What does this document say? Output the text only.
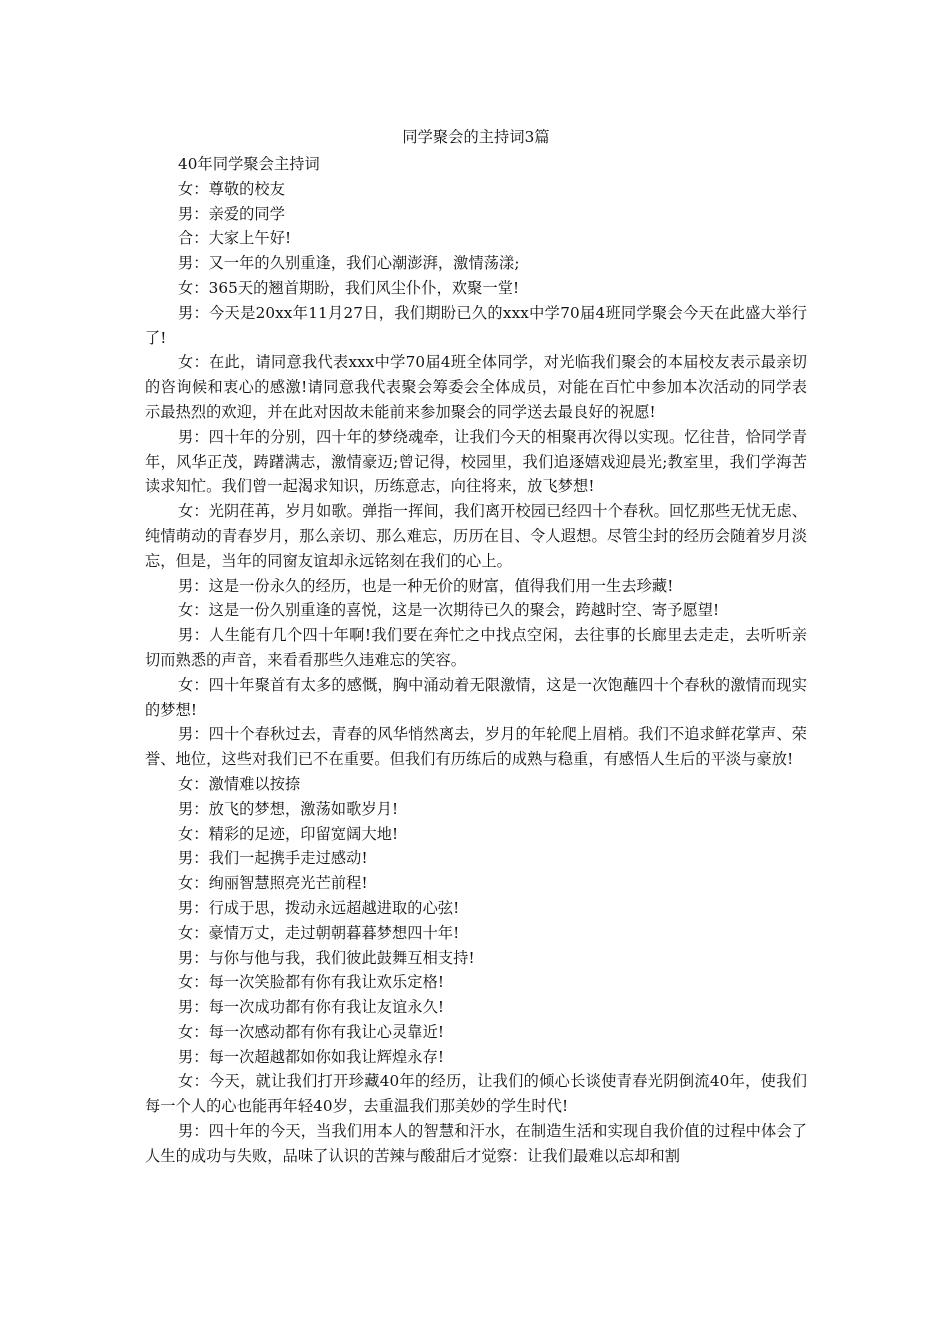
同学聚会的主持词3篇

40年同学聚会主持词

女：尊敬的校友

男：亲爱的同学

合：大家上午好!

男：又一年的久别重逢，我们心潮澎湃，激情荡漾;

女：365天的翘首期盼，我们风尘仆仆，欢聚一堂!

男：今天是20xx年11月27日，我们期盼已久的xxx中学70届4班同学聚会今天在此盛大举行了!

女：在此，请同意我代表xxx中学70届4班全体同学，对光临我们聚会的本届校友表示最亲切的咨询候和衷心的感激!请同意我代表聚会筹委会全体成员，对能在百忙中参加本次活动的同学表示最热烈的欢迎，并在此对因故未能前来参加聚会的同学送去最良好的祝愿!

男：四十年的分别，四十年的梦绕魂牵，让我们今天的相聚再次得以实现。忆往昔，恰同学青年，风华正茂，踌躇满志，激情豪迈;曾记得，校园里，我们追逐嬉戏迎晨光;教室里，我们学海苦读求知忙。我们曾一起渴求知识，历练意志，向往将来，放飞梦想!

女：光阴荏苒，岁月如歌。弹指一挥间，我们离开校园已经四十个春秋。回忆那些无忧无虑、纯情萌动的青春岁月，那么亲切、那么难忘，历历在目、令人遐想。尽管尘封的经历会随着岁月淡忘，但是，当年的同窗友谊却永远铭刻在我们的心上。

男：这是一份永久的经历，也是一种无价的财富，值得我们用一生去珍藏!

女：这是一份久别重逢的喜悦，这是一次期待已久的聚会，跨越时空、寄予愿望!

男：人生能有几个四十年啊!我们要在奔忙之中找点空闲，去往事的长廊里去走走，去听听亲切而熟悉的声音，来看看那些久违难忘的笑容。

女：四十年聚首有太多的感慨，胸中涌动着无限激情，这是一次饱蘸四十个春秋的激情而现实的梦想!

男：四十个春秋过去，青春的风华悄然离去，岁月的年轮爬上眉梢。我们不追求鲜花掌声、荣誉、地位，这些对我们已不在重要。但我们有历练后的成熟与稳重，有感悟人生后的平淡与豪放!

女：激情难以按捺

男：放飞的梦想，激荡如歌岁月!

女：精彩的足迹，印留宽阔大地!

男：我们一起携手走过感动!

女：绚丽智慧照亮光芒前程!

男：行成于思，拨动永远超越进取的心弦!

女：豪情万丈，走过朝朝暮暮梦想四十年!

男：与你与他与我，我们彼此鼓舞互相支持!

女：每一次笑脸都有你有我让欢乐定格!

男：每一次成功都有你有我让友谊永久!

女：每一次感动都有你有我让心灵靠近!

男：每一次超越都如你如我让辉煌永存!

女：今天，就让我们打开珍藏40年的经历，让我们的倾心长谈使青春光阴倒流40年，使我们每一个人的心也能再年轻40岁，去重温我们那美妙的学生时代!

男：四十年的今天，当我们用本人的智慧和汗水，在制造生活和实现自我价值的过程中体会了人生的成功与失败，品味了认识的苦辣与酸甜后才觉察：让我们最难以忘却和割
